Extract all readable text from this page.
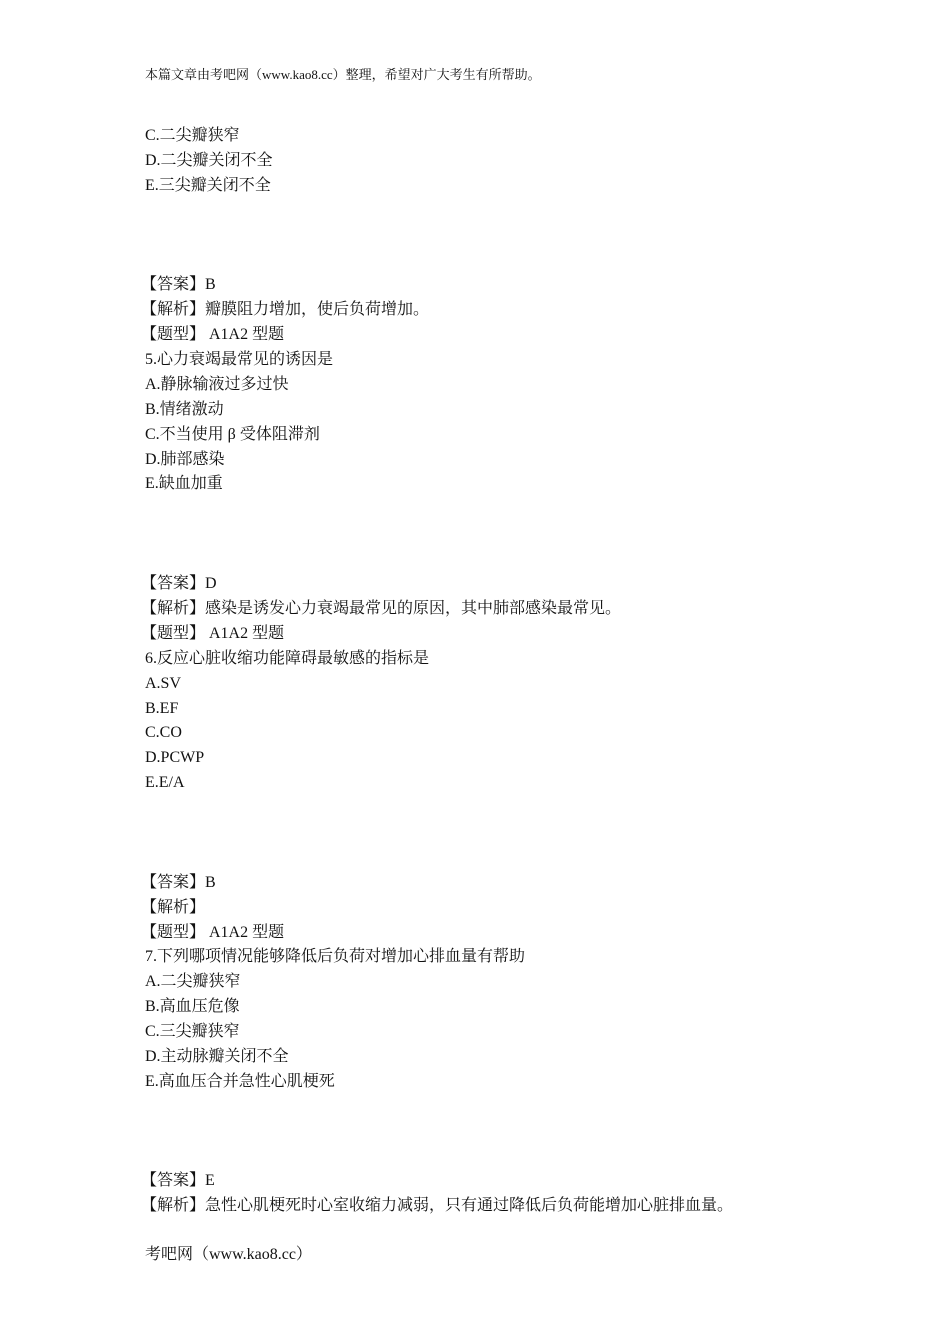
本篇文章由考吧网（www.kao8.cc）整理，希望对广大考生有所帮助。
C.二尖瓣狭窄
D.二尖瓣关闭不全
E.三尖瓣关闭不全
【答案】B
【解析】瓣膜阻力增加，使后负荷增加。
【题型】 A1A2 型题
5.心力衰竭最常见的诱因是
A.静脉输液过多过快
B.情绪激动
C.不当使用 β 受体阻滞剂
D.肺部感染
E.缺血加重
【答案】D
【解析】感染是诱发心力衰竭最常见的原因，其中肺部感染最常见。
【题型】 A1A2 型题
6.反应心脏收缩功能障碍最敏感的指标是
A.SV
B.EF
C.CO
D.PCWP
E.E/A
【答案】B
【解析】
【题型】 A1A2 型题
7.下列哪项情况能够降低后负荷对增加心排血量有帮助
A.二尖瓣狭窄
B.高血压危像
C.三尖瓣狭窄
D.主动脉瓣关闭不全
E.高血压合并急性心肌梗死
【答案】E
【解析】急性心肌梗死时心室收缩力减弱，只有通过降低后负荷能增加心脏排血量。
考吧网（www.kao8.cc）
